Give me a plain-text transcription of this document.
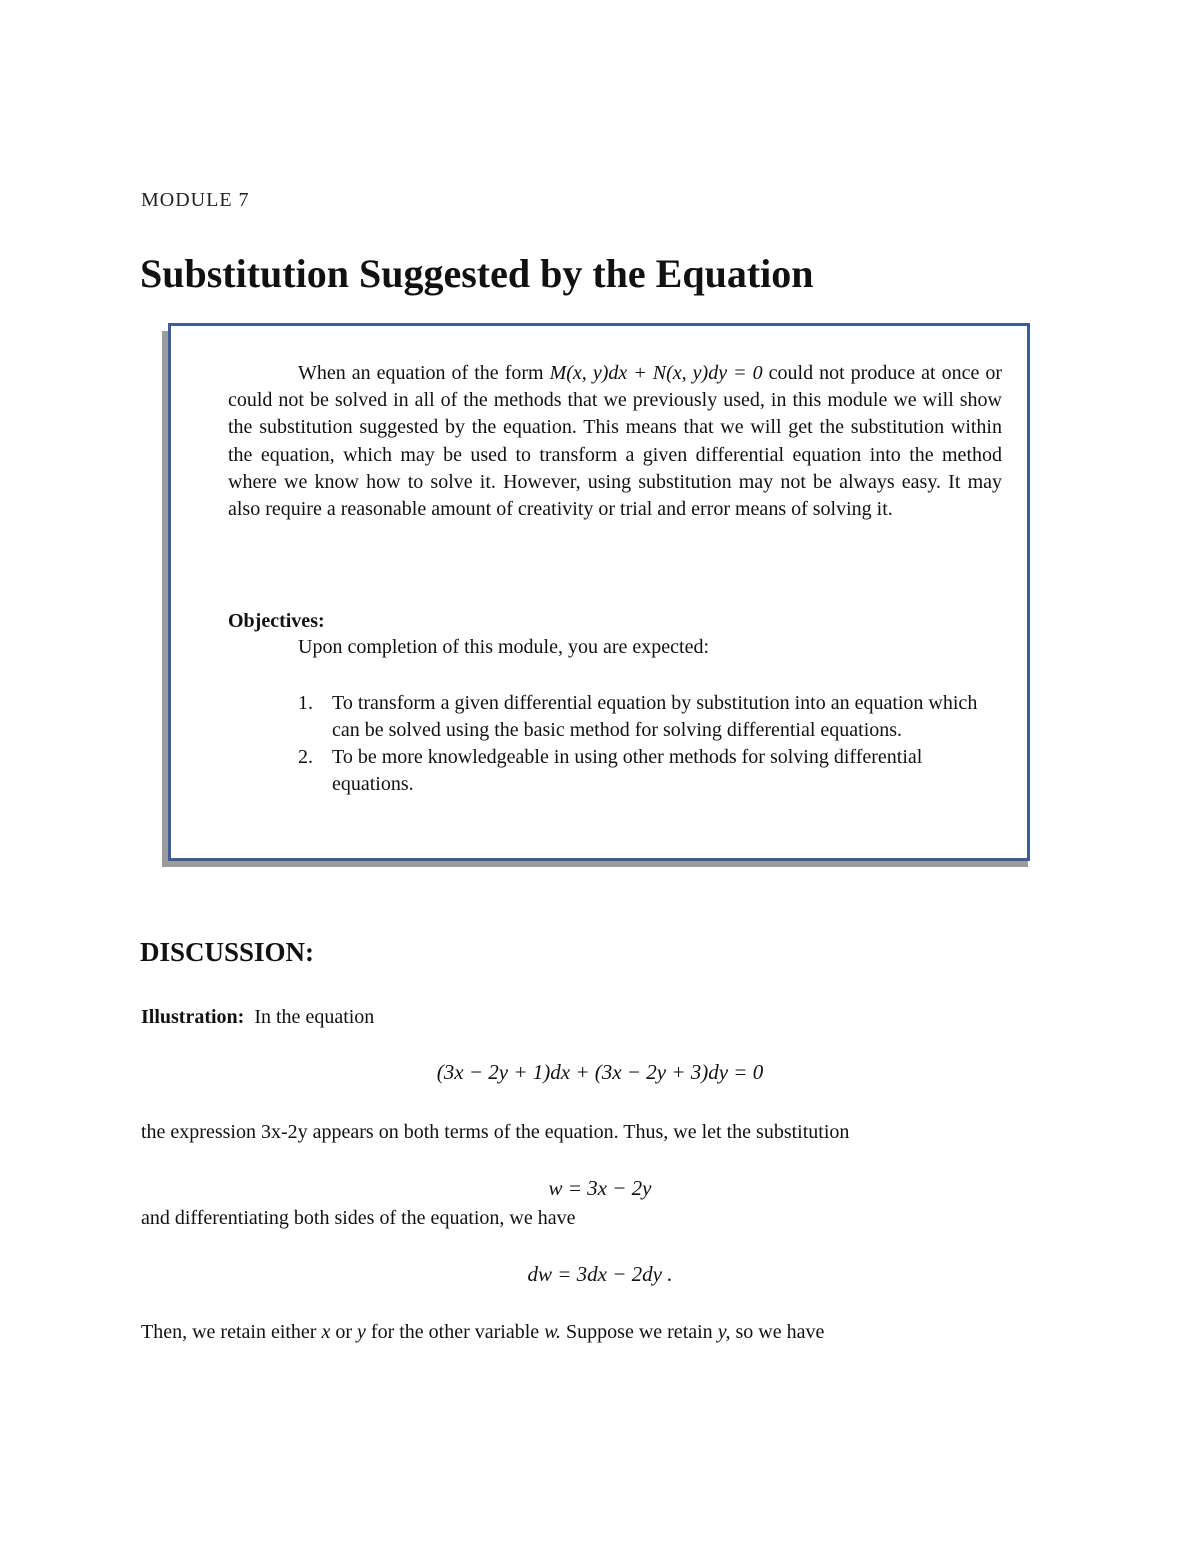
MODULE 7
Substitution Suggested by the Equation

When an equation of the form M(x, y)dx + N(x, y)dy = 0 could not produce at once or could not be solved in all of the methods that we previously used, in this module we will show the substitution suggested by the equation. This means that we will get the substitution within the equation, which may be used to transform a given differential equation into the method where we know how to solve it. However, using substitution may not be always easy. It may also require a reasonable amount of creativity or trial and error means of solving it.

Objectives:
Upon completion of this module, you are expected:
1. To transform a given differential equation by substitution into an equation which can be solved using the basic method for solving differential equations.
2. To be more knowledgeable in using other methods for solving differential equations.
DISCUSSION:
Illustration: In the equation
(3x − 2y + 1)dx + (3x − 2y + 3)dy = 0
the expression 3x-2y appears on both terms of the equation. Thus, we let the substitution
w = 3x − 2y
and differentiating both sides of the equation, we have
dw = 3dx − 2dy .
Then, we retain either x or y for the other variable w. Suppose we retain y, so we have
